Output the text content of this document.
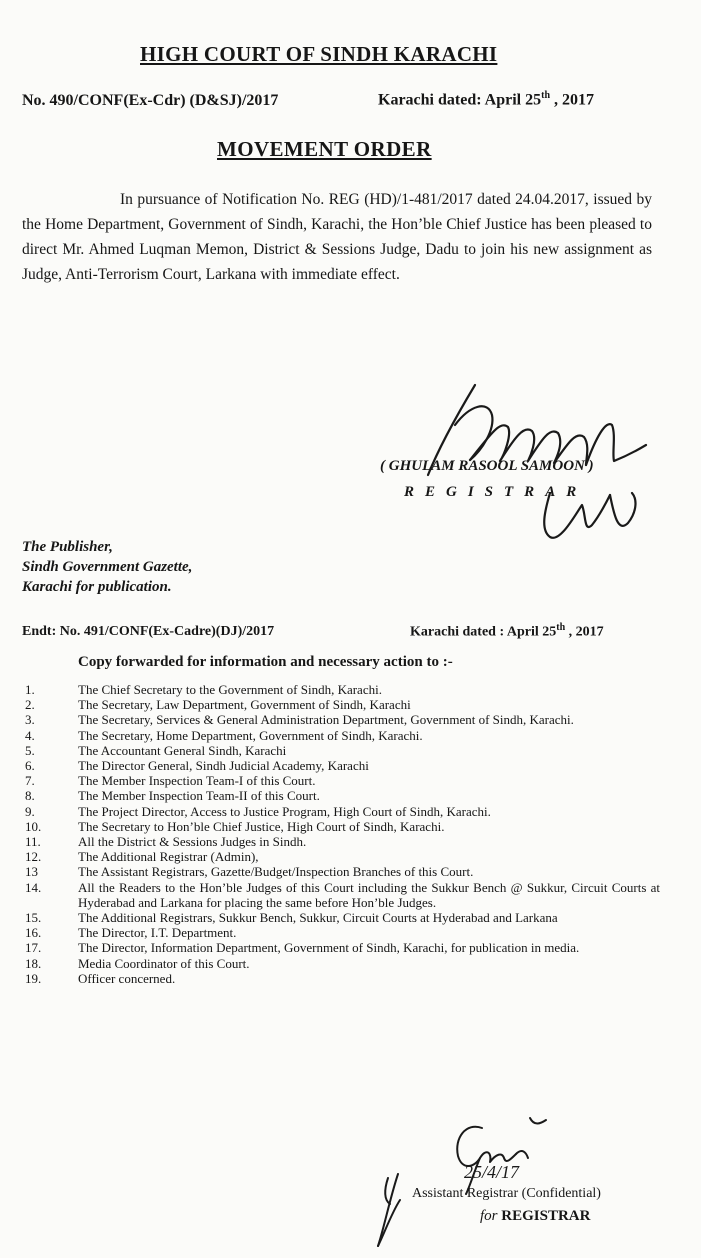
HIGH COURT OF SINDH KARACHI
No. 490/CONF(Ex-Cdr) (D&SJ)/2017	Karachi dated: April 25th , 2017
MOVEMENT ORDER
In pursuance of Notification No. REG (HD)/1-481/2017 dated 24.04.2017, issued by the Home Department, Government of Sindh, Karachi, the Hon’ble Chief Justice has been pleased to direct Mr. Ahmed Luqman Memon, District & Sessions Judge, Dadu to join his new assignment as Judge, Anti-Terrorism Court, Larkana with immediate effect.
( GHULAM RASOOL SAMOON )
REGISTRAR
The Publisher,
Sindh Government Gazette,
Karachi for publication.
Endt: No. 491/CONF(Ex-Cadre)(DJ)/2017	Karachi dated : April 25th , 2017
Copy forwarded for information and necessary action to :-
1.	The Chief Secretary to the Government of Sindh, Karachi.
2.	The Secretary, Law Department, Government of Sindh, Karachi
3.	The Secretary, Services & General Administration Department, Government of Sindh, Karachi.
4.	The Secretary, Home Department, Government of Sindh, Karachi.
5.	The Accountant General Sindh, Karachi
6.	The Director General, Sindh Judicial Academy, Karachi
7.	The Member Inspection Team-I of this Court.
8.	The Member Inspection Team-II of this Court.
9.	The Project Director, Access to Justice Program, High Court of Sindh, Karachi.
10.	The Secretary to Hon’ble Chief Justice, High Court of Sindh, Karachi.
11.	All the District & Sessions Judges in Sindh.
12.	The Additional Registrar (Admin),
13	The Assistant Registrars, Gazette/Budget/Inspection Branches of this Court.
14.	All the Readers to the Hon’ble Judges of this Court including the Sukkur Bench @ Sukkur, Circuit Courts at Hyderabad and Larkana for placing the same before Hon’ble Judges.
15.	The Additional Registrars, Sukkur Bench, Sukkur, Circuit Courts at Hyderabad and Larkana
16.	The Director, I.T. Department.
17.	The Director, Information Department, Government of Sindh, Karachi, for publication in media.
18.	Media Coordinator of this Court.
19.	Officer concerned.
25/4/17
Assistant Registrar (Confidential)
for REGISTRAR
